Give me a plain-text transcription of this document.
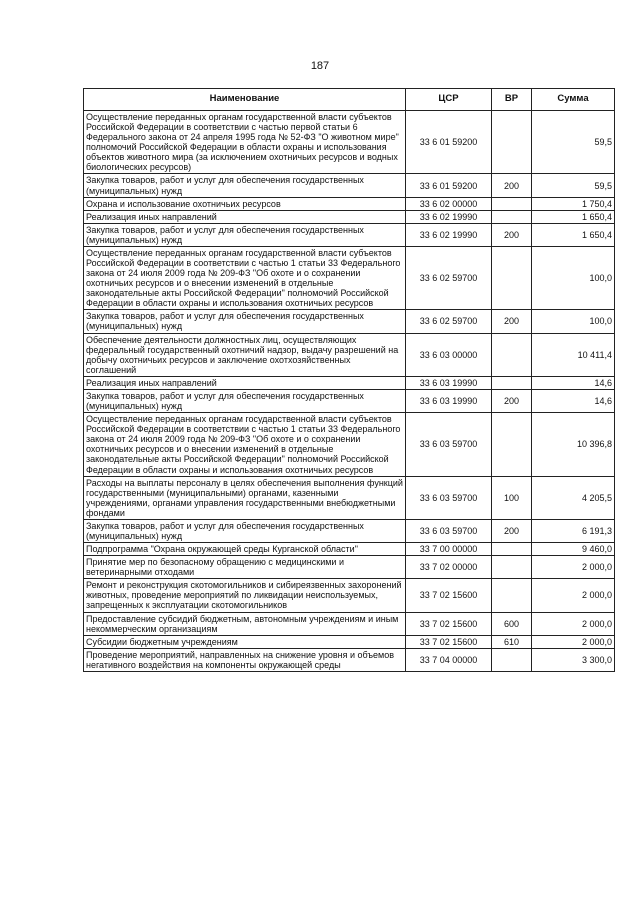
187
Наименование	ЦСР	ВР	Сумма
Осуществление переданных органам государственной власти субъектов Российской Федерации в соответствии с частью первой статьи 6 Федерального закона от 24 апреля 1995 года № 52-ФЗ "О животном мире" полномочий Российской Федерации в области охраны и использования объектов животного мира (за исключением охотничьих ресурсов и водных биологических ресурсов)	33 6 01 59200		59,5
Закупка товаров, работ и услуг для обеспечения государственных (муниципальных) нужд	33 6 01 59200	200	59,5
Охрана и использование охотничьих ресурсов	33 6 02 00000		1 750,4
Реализация иных направлений	33 6 02 19990		1 650,4
Закупка товаров, работ и услуг для обеспечения государственных (муниципальных) нужд	33 6 02 19990	200	1 650,4
Осуществление переданных органам государственной власти субъектов Российской Федерации в соответствии с частью 1 статьи 33 Федерального закона от 24 июля 2009 года № 209-ФЗ "Об охоте и о сохранении охотничьих ресурсов и о внесении изменений в отдельные законодательные акты Российской Федерации" полномочий Российской Федерации в области охраны и использования охотничьих ресурсов	33 6 02 59700		100,0
Закупка товаров, работ и услуг для обеспечения государственных (муниципальных) нужд	33 6 02 59700	200	100,0
Обеспечение деятельности должностных лиц, осуществляющих федеральный государственный охотничий надзор, выдачу разрешений на добычу охотничьих ресурсов и заключение охотхозяйственных соглашений	33 6 03 00000		10 411,4
Реализация иных направлений	33 6 03 19990		14,6
Закупка товаров, работ и услуг для обеспечения государственных (муниципальных) нужд	33 6 03 19990	200	14,6
Осуществление переданных органам государственной власти субъектов Российской Федерации в соответствии с частью 1 статьи 33 Федерального закона от 24 июля 2009 года № 209-ФЗ "Об охоте и о сохранении охотничьих ресурсов и о внесении изменений в отдельные законодательные акты Российской Федерации" полномочий Российской Федерации в области охраны и использования охотничьих ресурсов	33 6 03 59700		10 396,8
Расходы на выплаты персоналу в целях обеспечения выполнения функций государственными (муниципальными) органами, казенными учреждениями, органами управления государственными внебюджетными фондами	33 6 03 59700	100	4 205,5
Закупка товаров, работ и услуг для обеспечения государственных (муниципальных) нужд	33 6 03 59700	200	6 191,3
Подпрограмма "Охрана окружающей среды Курганской области"	33 7 00 00000		9 460,0
Принятие мер по безопасному обращению с медицинскими и ветеринарными отходами	33 7 02 00000		2 000,0
Ремонт и реконструкция скотомогильников и сибиреязвенных захоронений животных, проведение мероприятий по ликвидации неиспользуемых, запрещенных к эксплуатации скотомогильников	33 7 02 15600		2 000,0
Предоставление субсидий бюджетным, автономным учреждениям и иным некоммерческим организациям	33 7 02 15600	600	2 000,0
Субсидии бюджетным учреждениям	33 7 02 15600	610	2 000,0
Проведение мероприятий, направленных на снижение уровня и объемов негативного воздействия на компоненты окружающей среды	33 7 04 00000		3 300,0
